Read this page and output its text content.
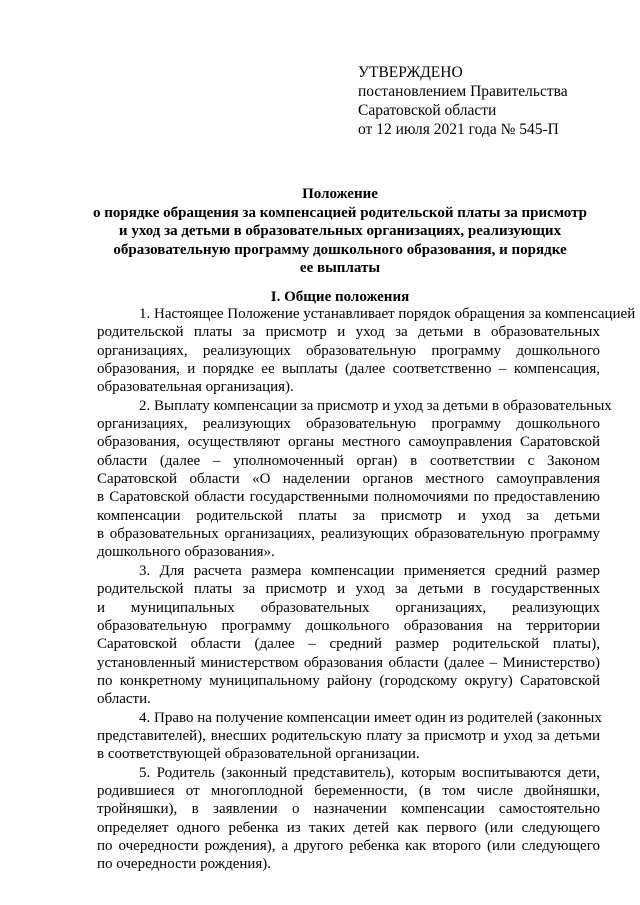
УТВЕРЖДЕНО
постановлением Правительства
Саратовской области
от 12 июля 2021 года № 545-П
Положение
о порядке обращения за компенсацией родительской платы за присмотр
и уход за детьми в образовательных организациях, реализующих
образовательную программу дошкольного образования, и порядке
ее выплаты
I. Общие положения
1. Настоящее Положение устанавливает порядок обращения за компенсацией
родительской платы за присмотр и уход за детьми в образовательных
организациях, реализующих образовательную программу дошкольного
образования, и порядке ее выплаты (далее соответственно – компенсация,
образовательная организация).
2. Выплату компенсации за присмотр и уход за детьми в образовательных
организациях, реализующих образовательную программу дошкольного
образования, осуществляют органы местного самоуправления Саратовской
области (далее – уполномоченный орган) в соответствии с Законом
Саратовской области «О наделении органов местного самоуправления
в Саратовской области государственными полномочиями по предоставлению
компенсации родительской платы за присмотр и уход за детьми
в образовательных организациях, реализующих образовательную программу
дошкольного образования».
3. Для расчета размера компенсации применяется средний размер
родительской платы за присмотр и уход за детьми в государственных
и муниципальных образовательных организациях, реализующих
образовательную программу дошкольного образования на территории
Саратовской области (далее – средний размер родительской платы),
установленный министерством образования области (далее – Министерство)
по конкретному муниципальному району (городскому округу) Саратовской
области.
4. Право на получение компенсации имеет один из родителей (законных
представителей), внесших родительскую плату за присмотр и уход за детьми
в соответствующей образовательной организации.
5. Родитель (законный представитель), которым воспитываются дети,
родившиеся от многоплодной беременности, (в том числе двойняшки,
тройняшки), в заявлении о назначении компенсации самостоятельно
определяет одного ребенка из таких детей как первого (или следующего
по очередности рождения), а другого ребенка как второго (или следующего
по очередности рождения).
